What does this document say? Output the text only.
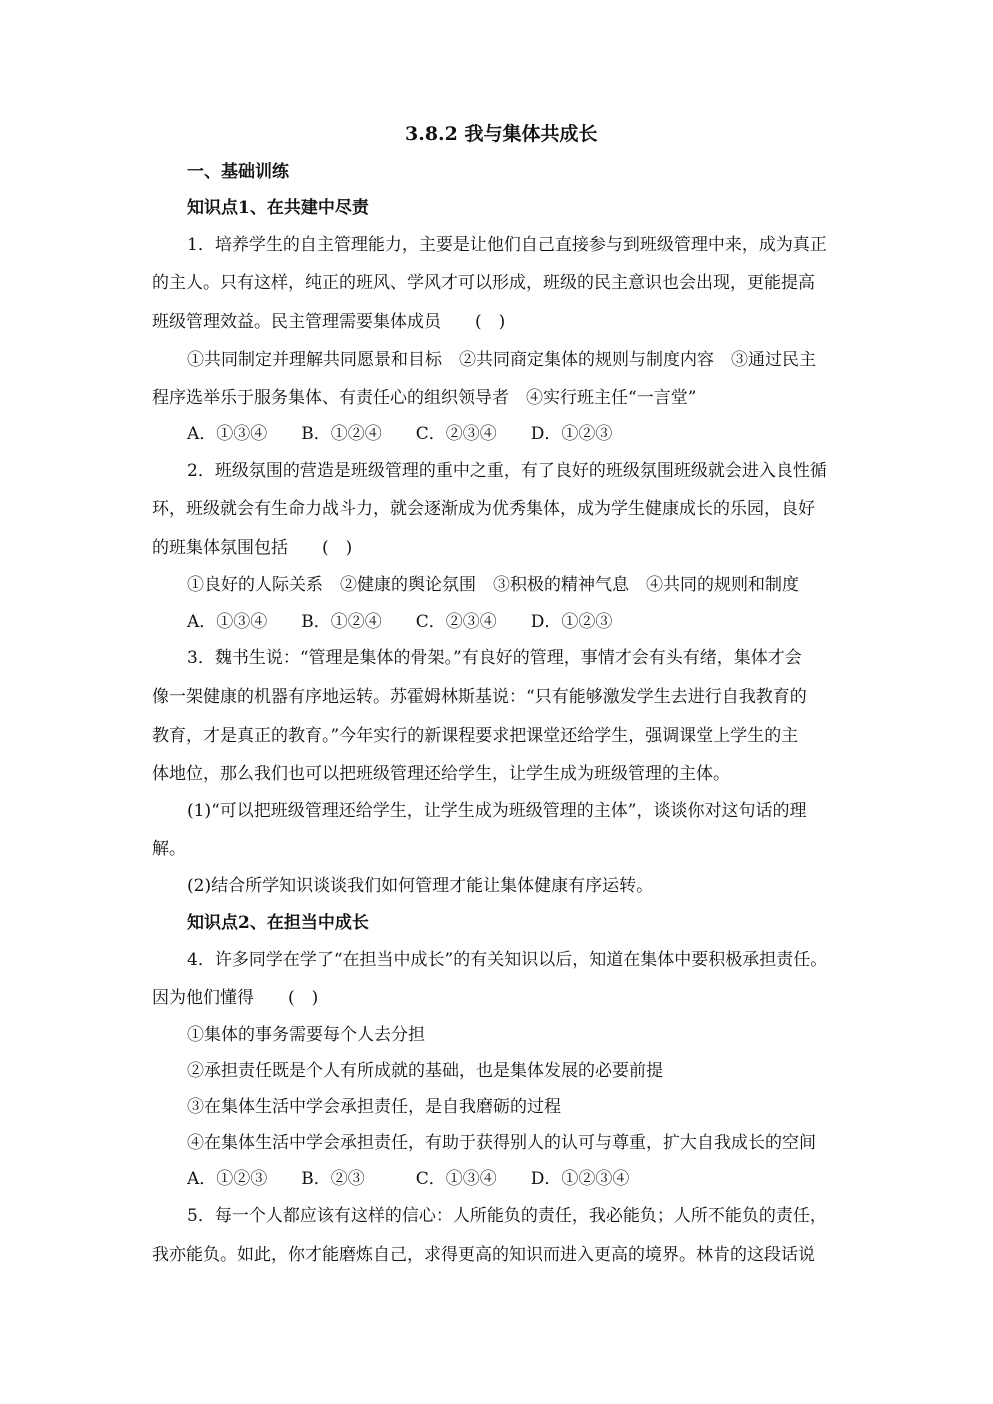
3.8.2 我与集体共成长
一、基础训练
知识点1、在共建中尽责
1．培养学生的自主管理能力，主要是让他们自己直接参与到班级管理中来，成为真正
的主人。只有这样，纯正的班风、学风才可以形成，班级的民主意识也会出现，更能提高
班级管理效益。民主管理需要集体成员　　(　)
①共同制定并理解共同愿景和目标　②共同商定集体的规则与制度内容　③通过民主
程序选举乐于服务集体、有责任心的组织领导者　④实行班主任“一言堂”
A．①③④　　B．①②④　　C．②③④　　D．①②③
2．班级氛围的营造是班级管理的重中之重，有了良好的班级氛围班级就会进入良性循
环，班级就会有生命力战斗力，就会逐渐成为优秀集体，成为学生健康成长的乐园，良好
的班集体氛围包括　　(　)
①良好的人际关系　②健康的舆论氛围　③积极的精神气息　④共同的规则和制度
A．①③④　　B．①②④　　C．②③④　　D．①②③
3．魏书生说：“管理是集体的骨架。”有良好的管理，事情才会有头有绪，集体才会
像一架健康的机器有序地运转。苏霍姆林斯基说：“只有能够激发学生去进行自我教育的
教育，才是真正的教育。”今年实行的新课程要求把课堂还给学生，强调课堂上学生的主
体地位，那么我们也可以把班级管理还给学生，让学生成为班级管理的主体。
(1)“可以把班级管理还给学生，让学生成为班级管理的主体”，谈谈你对这句话的理
解。
(2)结合所学知识谈谈我们如何管理才能让集体健康有序运转。
知识点2、在担当中成长
4．许多同学在学了“在担当中成长”的有关知识以后，知道在集体中要积极承担责任。
因为他们懂得　　(　)
①集体的事务需要每个人去分担
②承担责任既是个人有所成就的基础，也是集体发展的必要前提
③在集体生活中学会承担责任，是自我磨砺的过程
④在集体生活中学会承担责任，有助于获得别人的认可与尊重，扩大自我成长的空间
A．①②③　　B．②③　　　C．①③④　　D．①②③④
5．每一个人都应该有这样的信心：人所能负的责任，我必能负；人所不能负的责任，
我亦能负。如此，你才能磨炼自己，求得更高的知识而进入更高的境界。林肯的这段话说
